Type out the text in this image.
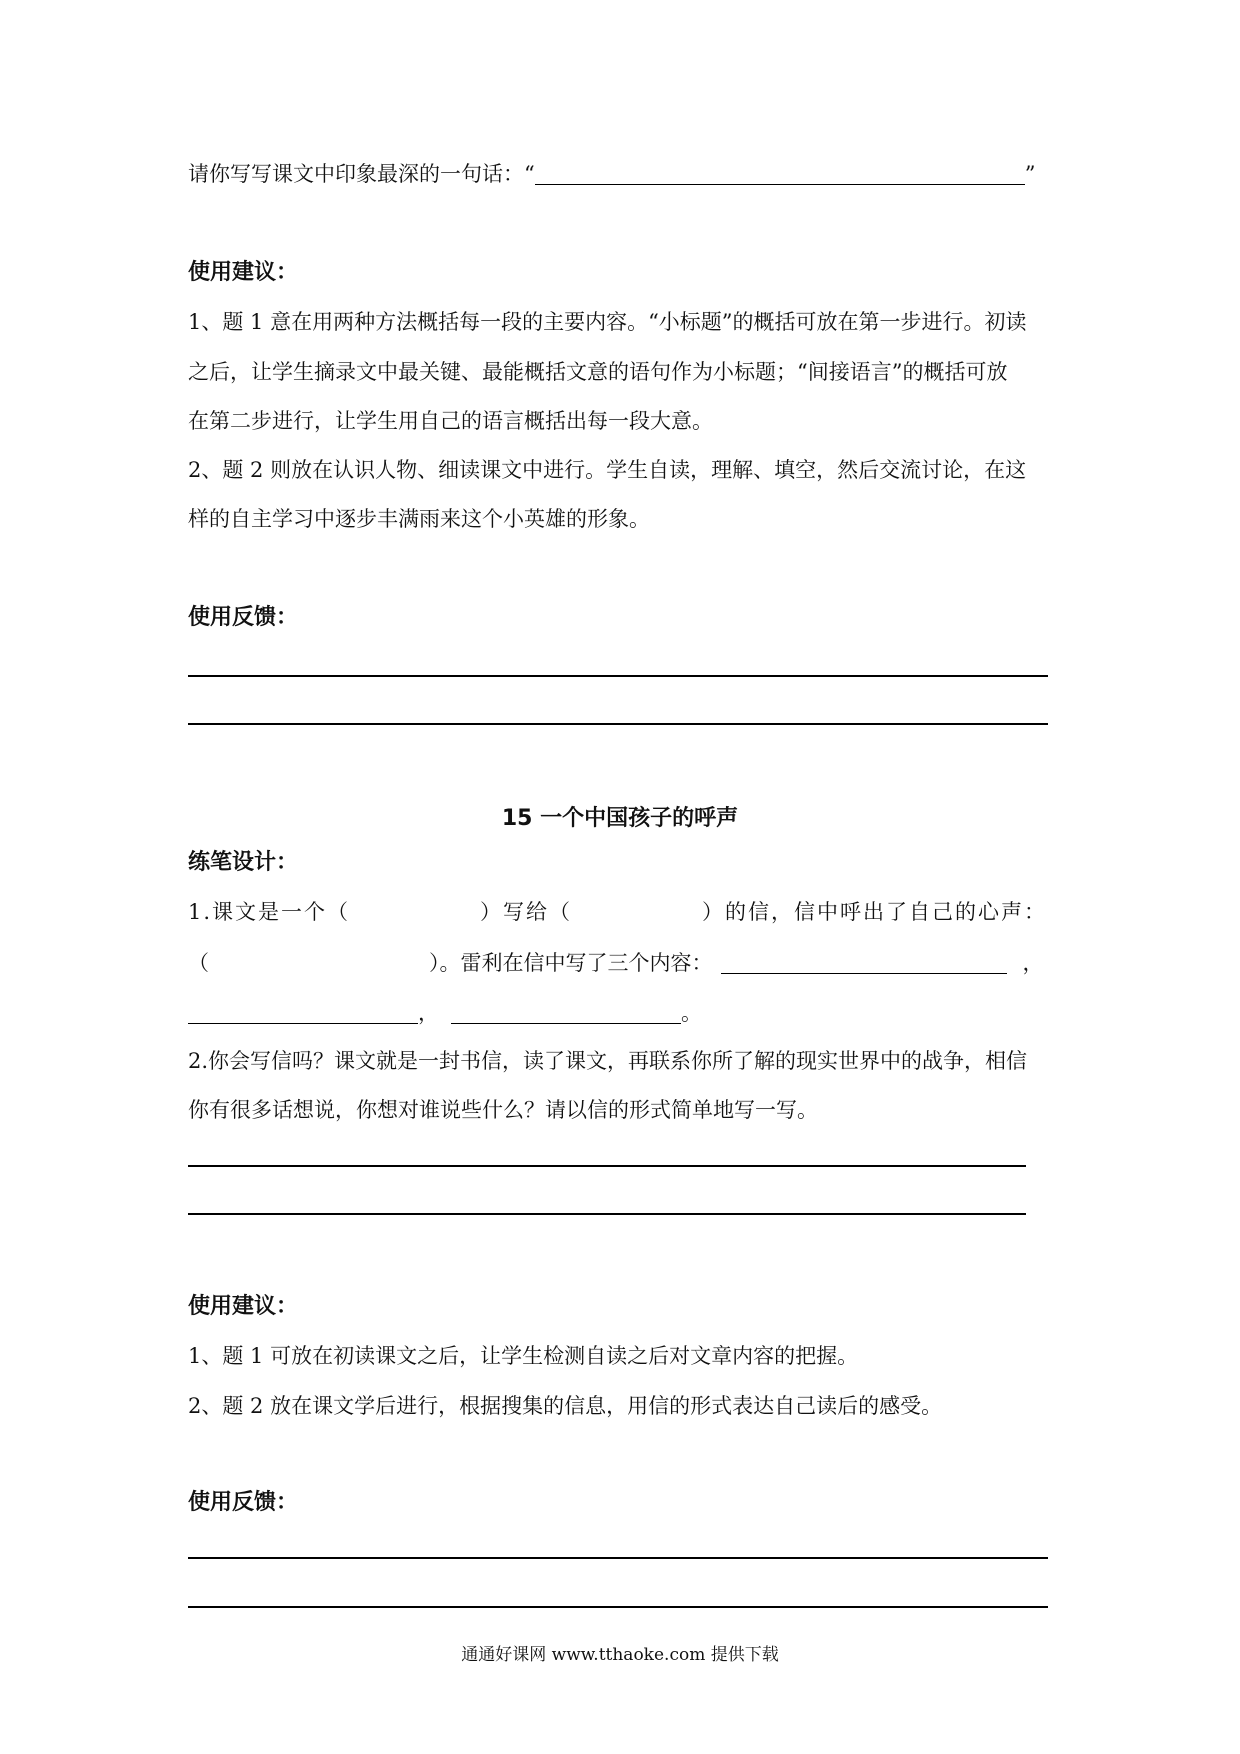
请你写写课文中印象最深的一句话：“	”
使用建议：
1、题 1 意在用两种方法概括每一段的主要内容。“小标题”的概括可放在第一步进行。初读
之后，让学生摘录文中最关键、最能概括文意的语句作为小标题；“间接语言”的概括可放
在第二步进行，让学生用自己的语言概括出每一段大意。
2、题 2 则放在认识人物、细读课文中进行。学生自读，理解、填空，然后交流讨论，在这
样的自主学习中逐步丰满雨来这个小英雄的形象。
使用反馈：
15 一个中国孩子的呼声
练笔设计：
1.课文是一个（	）写给（	）的信，信中呼出了自己的心声：
（	）。雷利在信中写了三个内容：	，
，	。
2.你会写信吗？课文就是一封书信，读了课文，再联系你所了解的现实世界中的战争，相信
你有很多话想说，你想对谁说些什么？请以信的形式简单地写一写。
使用建议：
1、题 1 可放在初读课文之后，让学生检测自读之后对文章内容的把握。
2、题 2 放在课文学后进行，根据搜集的信息，用信的形式表达自己读后的感受。
使用反馈：
通通好课网 www.tthaoke.com 提供下载
